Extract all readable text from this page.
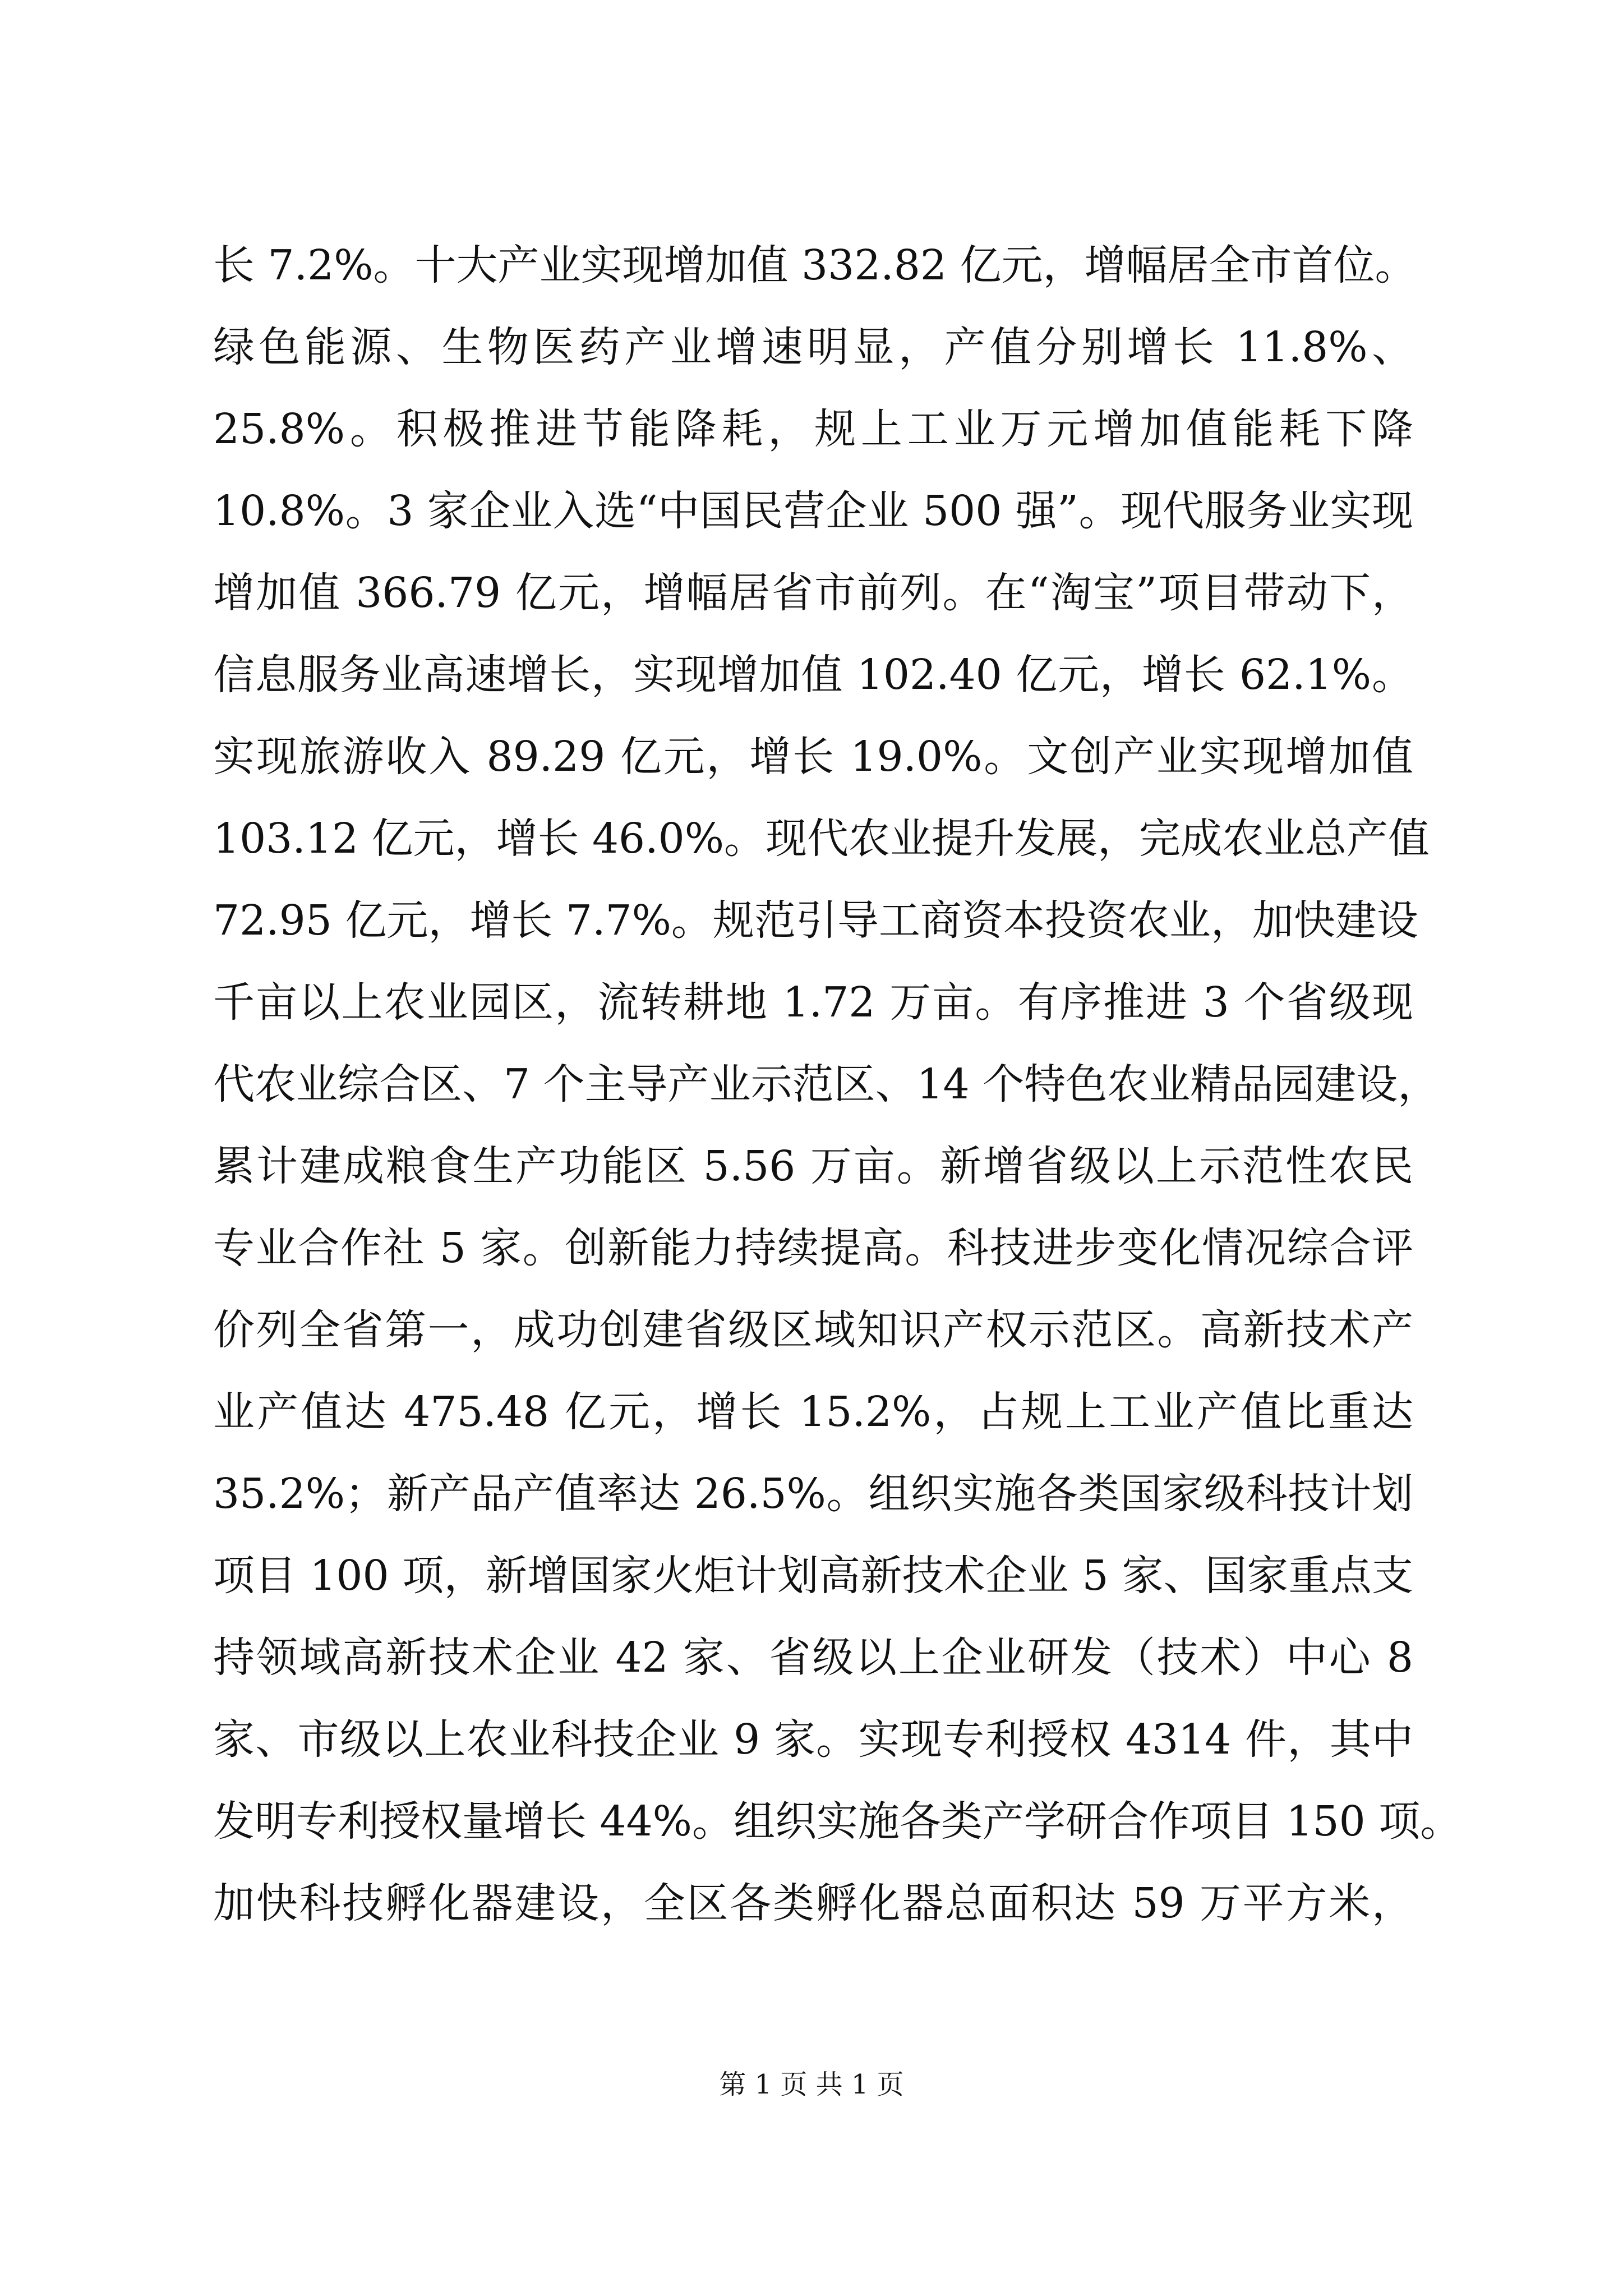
长 7.2%。十大产业实现增加值 332.82 亿元，增幅居全市首位。
绿色能源、生物医药产业增速明显，产值分别增长 11.8%、
25.8%。积极推进节能降耗，规上工业万元增加值能耗下降
10.8%。3 家企业入选“中国民营企业 500 强”。现代服务业实现
增加值 366.79 亿元，增幅居省市前列。在“淘宝”项目带动下，
信息服务业高速增长，实现增加值 102.40 亿元，增长 62.1%。
实现旅游收入 89.29 亿元，增长 19.0%。文创产业实现增加值
103.12 亿元，增长 46.0%。现代农业提升发展，完成农业总产值
72.95 亿元，增长 7.7%。规范引导工商资本投资农业，加快建设
千亩以上农业园区，流转耕地 1.72 万亩。有序推进 3 个省级现
代农业综合区、7 个主导产业示范区、14 个特色农业精品园建设，
累计建成粮食生产功能区 5.56 万亩。新增省级以上示范性农民
专业合作社 5 家。创新能力持续提高。科技进步变化情况综合评
价列全省第一，成功创建省级区域知识产权示范区。高新技术产
业产值达 475.48 亿元，增长 15.2%，占规上工业产值比重达
35.2%；新产品产值率达 26.5%。组织实施各类国家级科技计划
项目 100 项，新增国家火炬计划高新技术企业 5 家、国家重点支
持领域高新技术企业 42 家、省级以上企业研发（技术）中心 8
家、市级以上农业科技企业 9 家。实现专利授权 4314 件，其中
发明专利授权量增长 44%。组织实施各类产学研合作项目 150 项。
加快科技孵化器建设，全区各类孵化器总面积达 59 万平方米，
第 1 页 共 1 页
